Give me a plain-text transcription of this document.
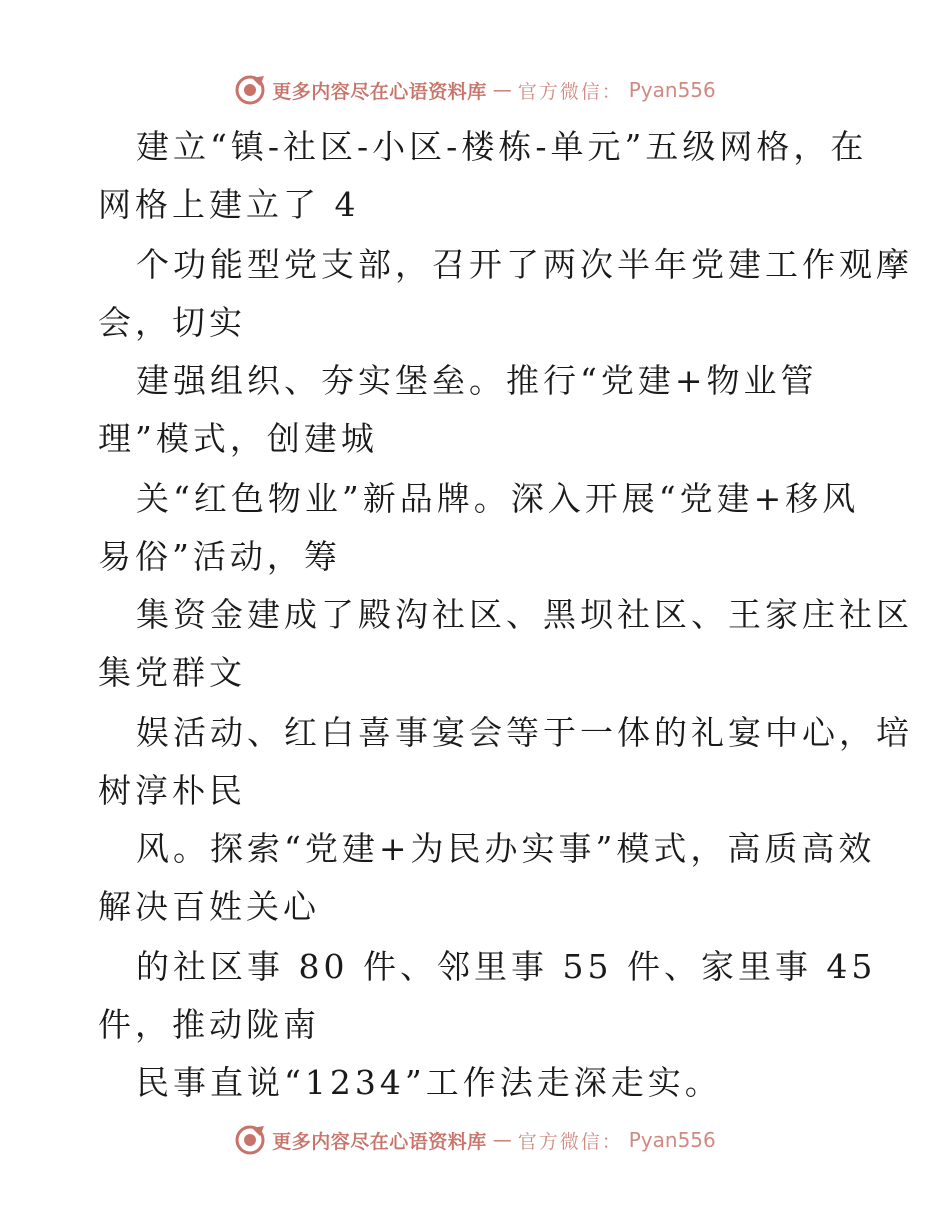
更多内容尽在心语资料库 — 官方微信： Pyan556
建立“镇-社区-小区-楼栋-单元”五级网格，在
网格上建立了 4
个功能型党支部，召开了两次半年党建工作观摩
会，切实
建强组织、夯实堡垒。推行“党建+物业管
理”模式，创建城
关“红色物业”新品牌。深入开展“党建+移风
易俗”活动，筹
集资金建成了殿沟社区、黑坝社区、王家庄社区
集党群文
娱活动、红白喜事宴会等于一体的礼宴中心，培
树淳朴民
风。探索“党建+为民办实事”模式，高质高效
解决百姓关心
的社区事 80 件、邻里事 55 件、家里事 45
件，推动陇南
民事直说“1234”工作法走深走实。
更多内容尽在心语资料库 — 官方微信： Pyan556
